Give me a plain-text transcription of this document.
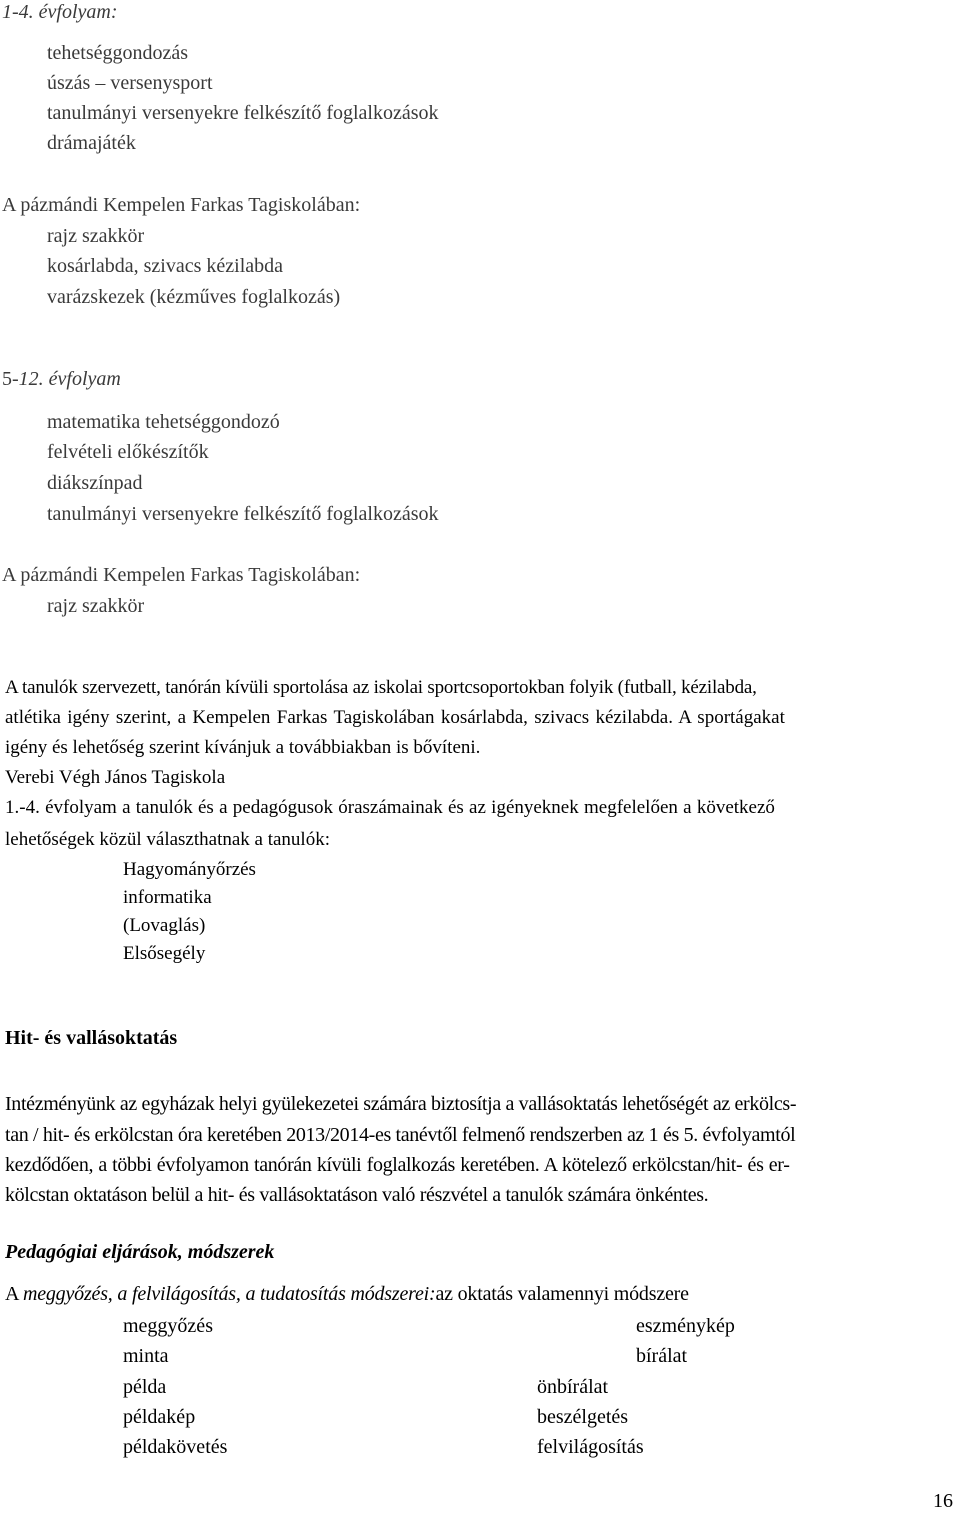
1-4. évfolyam:
tehetséggondozás
úszás – versenysport
tanulmányi versenyekre felkészítő foglalkozások
drámajáték
A pázmándi Kempelen Farkas Tagiskolában:
rajz szakkör
kosárlabda, szivacs kézilabda
varázskezek (kézműves foglalkozás)
5-12. évfolyam
matematika tehetséggondozó
felvételi előkészítők
diákszínpad
tanulmányi versenyekre felkészítő foglalkozások
A pázmándi Kempelen Farkas Tagiskolában:
rajz szakkör
A tanulók szervezett, tanórán kívüli sportolása az iskolai sportcsoportokban folyik (futball, kézilabda,
atlétika igény szerint, a Kempelen Farkas Tagiskolában kosárlabda, szivacs kézilabda. A sportágakat
igény és lehetőség szerint kívánjuk a továbbiakban is bővíteni.
Verebi Végh János Tagiskola
1.-4. évfolyam a tanulók és a pedagógusok óraszámainak és az igényeknek megfelelően a következő
lehetőségek közül választhatnak a tanulók:
Hagyományőrzés
informatika
(Lovaglás)
Elsősegély
Hit- és vallásoktatás
Intézményünk az egyházak helyi gyülekezetei számára biztosítja a vallásoktatás lehetőségét az erkölcs-
tan / hit- és erkölcstan óra keretében 2013/2014-es tanévtől felmenő rendszerben az 1 és 5. évfolyamtól
kezdődően, a többi évfolyamon tanórán kívüli foglalkozás keretében. A kötelező erkölcstan/hit- és er-
kölcstan oktatáson belül a hit- és vallásoktatáson való részvétel a tanulók számára önkéntes.
Pedagógiai eljárások, módszerek
A meggyőzés, a felvilágosítás, a tudatosítás módszerei:az oktatás valamennyi módszere
meggyőzés
minta
példa
példakép
példakövetés
eszménykép
bírálat
önbírálat
beszélgetés
felvilágosítás
16
